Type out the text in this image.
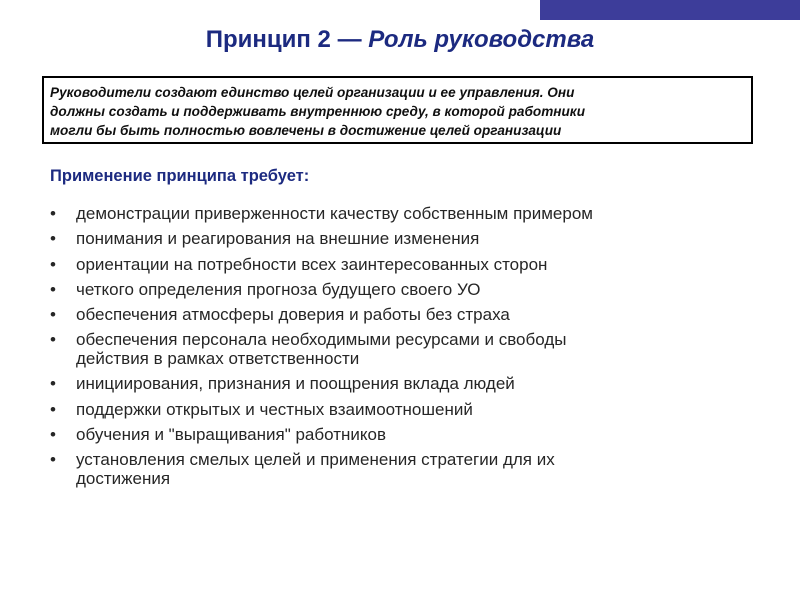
Принцип 2 — Роль руководства
Руководители создают единство целей организации и ее управления. Они
должны создать и поддерживать внутреннюю среду, в которой работники
могли бы быть полностью вовлечены в достижение целей организации
Применение принципа требует:
• демонстрации приверженности качеству собственным примером
• понимания и реагирования на внешние изменения
• ориентации на потребности всех заинтересованных сторон
• четкого определения прогноза будущего своего УО
• обеспечения атмосферы доверия и работы без страха
• обеспечения персонала необходимыми ресурсами и свободы
действия в рамках ответственности
• инициирования, признания и поощрения вклада людей
• поддержки открытых и честных взаимоотношений
• обучения и "выращивания" работников
• установления смелых целей и применения стратегии для их
достижения
